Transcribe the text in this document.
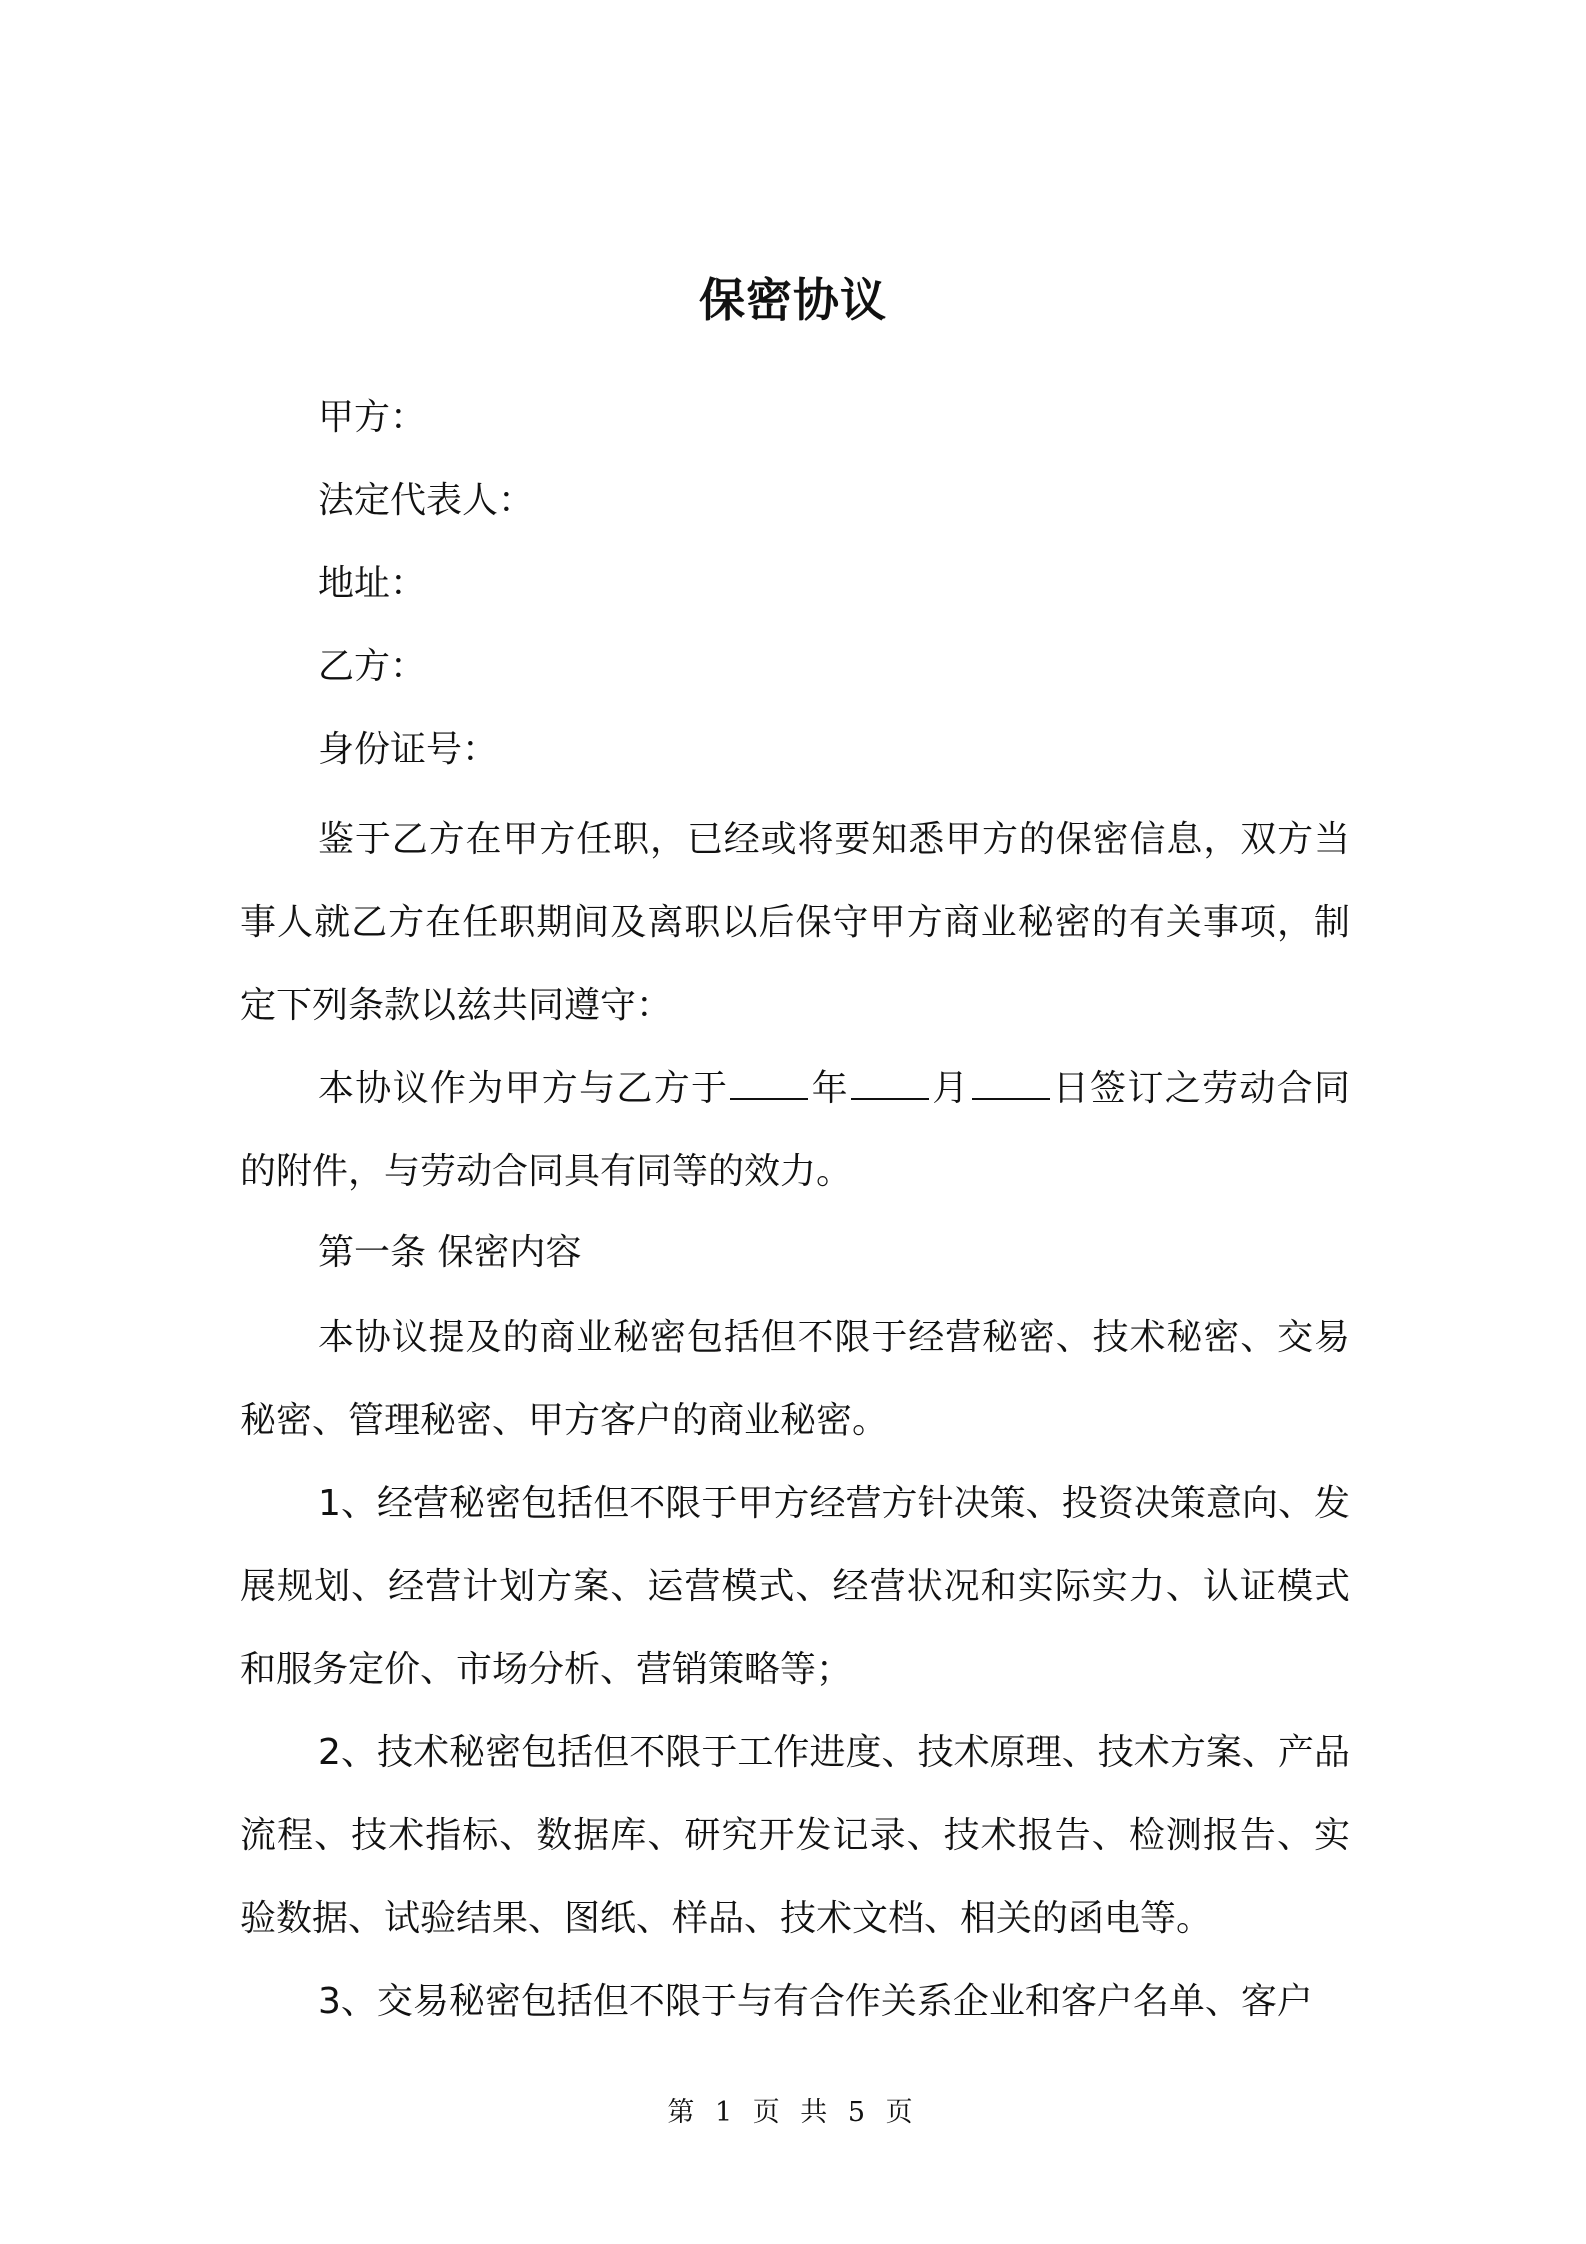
保密协议
甲方：
法定代表人：
地址：
乙方：
身份证号：
鉴于乙方在甲方任职，已经或将要知悉甲方的保密信息，双方当事人就乙方在任职期间及离职以后保守甲方商业秘密的有关事项，制定下列条款以兹共同遵守：
本协议作为甲方与乙方于 年 月 日签订之劳动合同的附件，与劳动合同具有同等的效力。
第一条 保密内容
本协议提及的商业秘密包括但不限于经营秘密、技术秘密、交易秘密、管理秘密、甲方客户的商业秘密。
1、经营秘密包括但不限于甲方经营方针决策、投资决策意向、发展规划、经营计划方案、运营模式、经营状况和实际实力、认证模式和服务定价、市场分析、营销策略等；
2、技术秘密包括但不限于工作进度、技术原理、技术方案、产品流程、技术指标、数据库、研究开发记录、技术报告、检测报告、实验数据、试验结果、图纸、样品、技术文档、相关的函电等。
3、交易秘密包括但不限于与有合作关系企业和客户名单、客户
第 1 页 共 5 页
